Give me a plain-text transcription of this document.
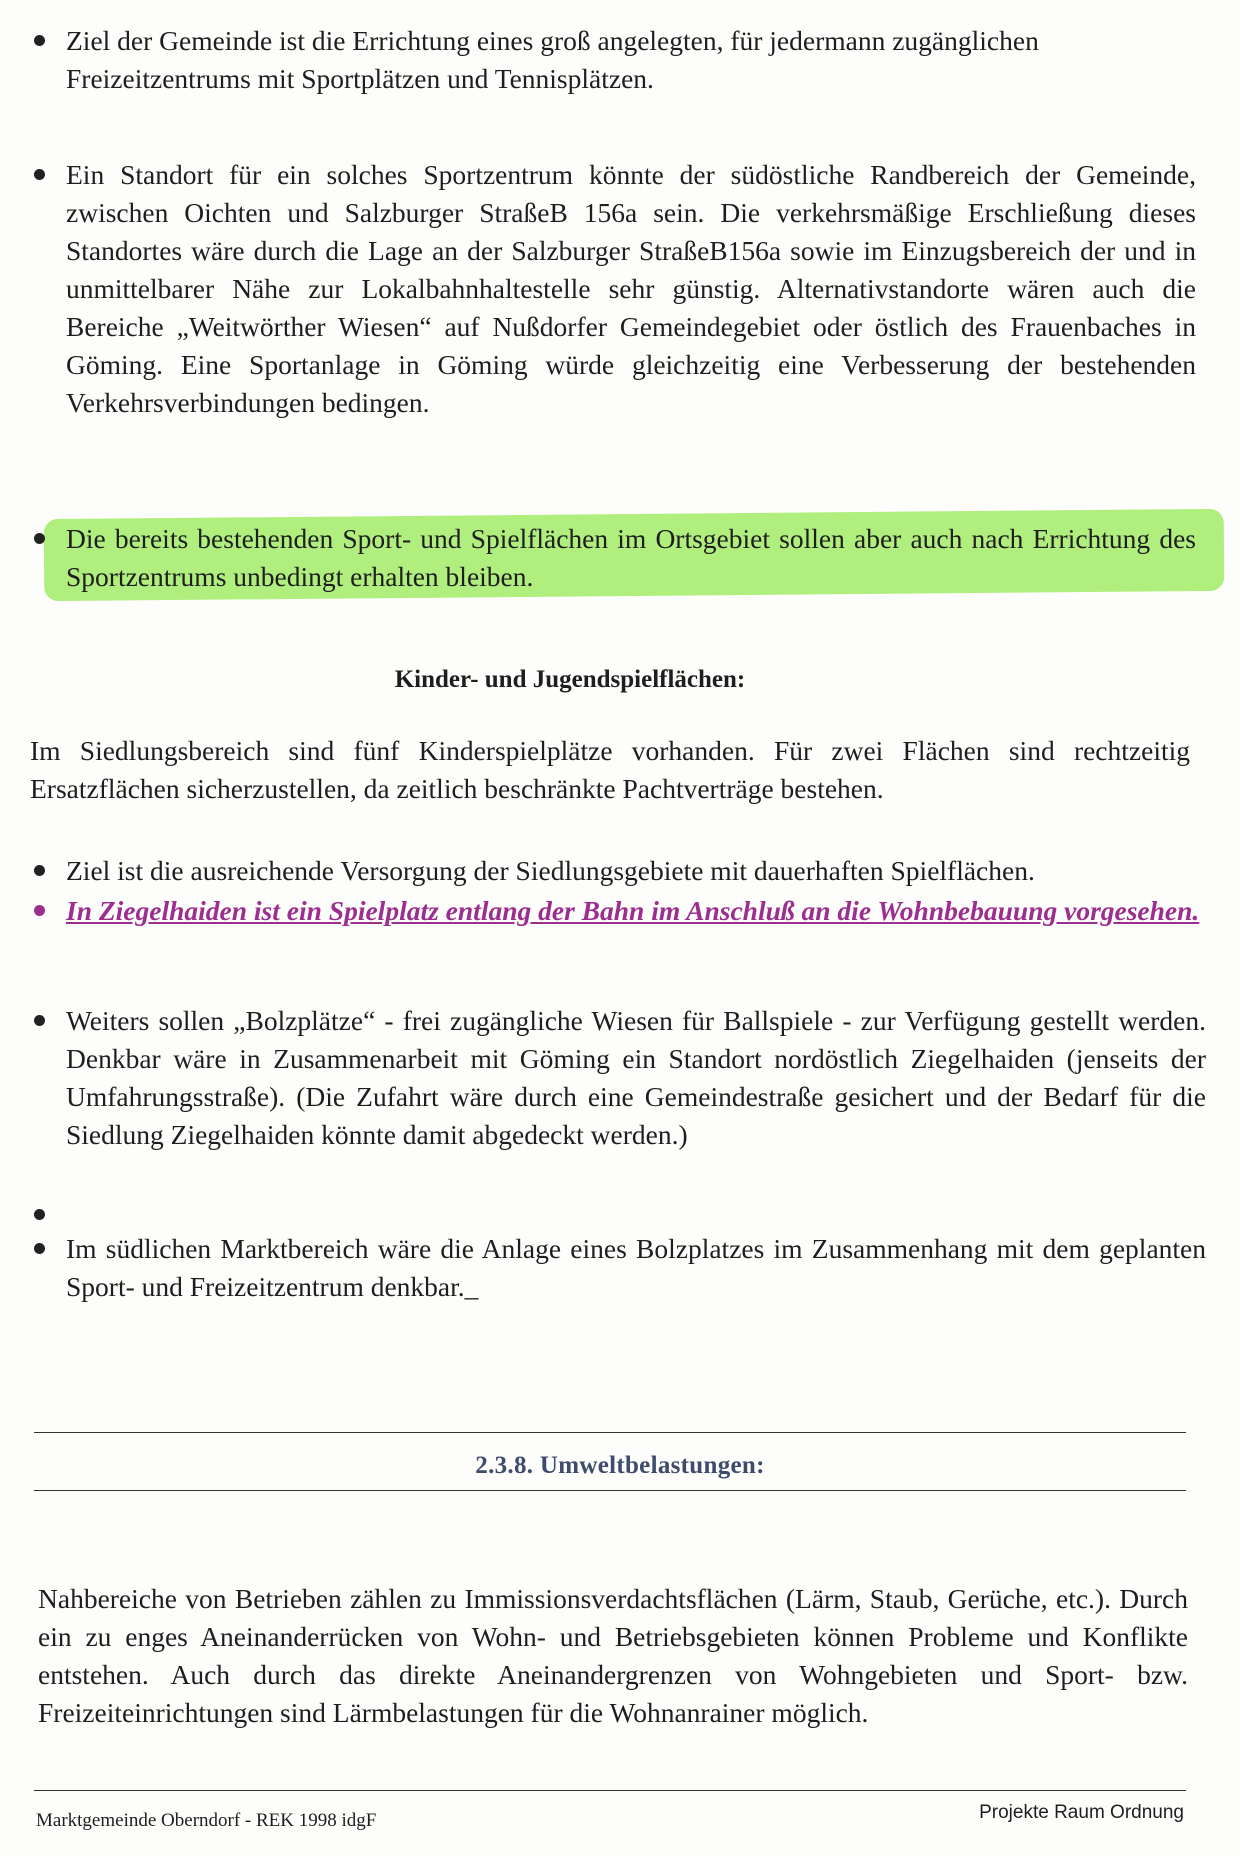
Ziel der Gemeinde ist die Errichtung eines groß angelegten, für jedermann zugänglichen Freizeitzentrums mit Sportplätzen und Tennisplätzen.
Ein Standort für ein solches Sportzentrum könnte der südöstliche Randbereich der Gemeinde, zwischen Oichten und Salzburger StraßeB 156a sein. Die verkehrsmäßige Erschließung dieses Standortes wäre durch die Lage an der Salzburger StraßeB156a sowie im Einzugsbereich der und in unmittelbarer Nähe zur Lokalbahnhaltestelle sehr günstig. Alternativstandorte wären auch die Bereiche „Weitwörther Wiesen“ auf Nußdorfer Gemeindegebiet oder östlich des Frauenbaches in Göming. Eine Sportanlage in Göming würde gleichzeitig eine Verbesserung der bestehenden Verkehrsverbindungen bedingen.
Die bereits bestehenden Sport- und Spielflächen im Ortsgebiet sollen aber auch nach Errichtung des Sportzentrums unbedingt erhalten bleiben.
Kinder- und Jugendspielflächen:
Im Siedlungsbereich sind fünf Kinderspielplätze vorhanden. Für zwei Flächen sind rechtzeitig Ersatzflächen sicherzustellen, da zeitlich beschränkte Pachtverträge bestehen.
Ziel ist die ausreichende Versorgung der Siedlungsgebiete mit dauerhaften Spielflächen.
In Ziegelhaiden ist ein Spielplatz entlang der Bahn im Anschluß an die Wohnbebauung vorgesehen.
Weiters sollen „Bolzplätze“ - frei zugängliche Wiesen für Ballspiele - zur Verfügung gestellt werden. Denkbar wäre in Zusammenarbeit mit Göming ein Standort nordöstlich Ziegelhaiden (jenseits der Umfahrungsstraße). (Die Zufahrt wäre durch eine Gemeindestraße gesichert und der Bedarf für die Siedlung Ziegelhaiden könnte damit abgedeckt werden.)
Im südlichen Marktbereich wäre die Anlage eines Bolzplatzes im Zusammenhang mit dem geplanten Sport- und Freizeitzentrum denkbar._
2.3.8. Umweltbelastungen:
Nahbereiche von Betrieben zählen zu Immissionsverdachtsflächen (Lärm, Staub, Gerüche, etc.). Durch ein zu enges Aneinanderrücken von Wohn- und Betriebsgebieten können Probleme und Konflikte entstehen. Auch durch das direkte Aneinandergrenzen von Wohngebieten und Sport- bzw. Freizeiteinrichtungen sind Lärmbelastungen für die Wohnanrainer möglich.
Marktgemeinde Oberndorf - REK 1998 idgF	Projekte Raum Ordnung
